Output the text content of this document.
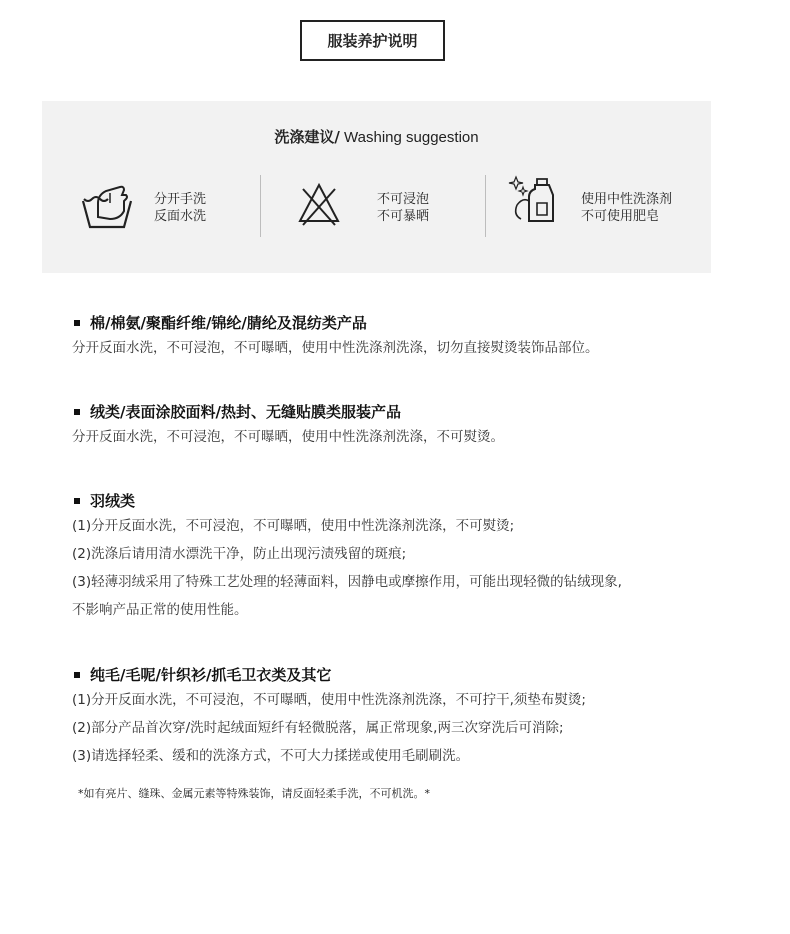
服装养护说明
洗涤建议/ Washing suggestion
分开手洗
反面水洗
不可浸泡
不可暴晒
使用中性洗涤剂
不可使用肥皂
棉/棉氨/聚酯纤维/锦纶/腈纶及混纺类产品
分开反面水洗，不可浸泡，不可曝晒，使用中性洗涤剂洗涤，切勿直接熨烫装饰品部位。
绒类/表面涂胶面料/热封、无缝贴膜类服装产品
分开反面水洗，不可浸泡，不可曝晒，使用中性洗涤剂洗涤，不可熨烫。
羽绒类
(1)分开反面水洗，不可浸泡，不可曝晒，使用中性洗涤剂洗涤，不可熨烫;
(2)洗涤后请用清水漂洗干净，防止出现污渍残留的斑痕;
(3)轻薄羽绒采用了特殊工艺处理的轻薄面料，因静电或摩擦作用，可能出现轻微的钻绒现象,
不影响产品正常的使用性能。
纯毛/毛呢/针织衫/抓毛卫衣类及其它
(1)分开反面水洗，不可浸泡，不可曝晒，使用中性洗涤剂洗涤，不可拧干,须垫布熨烫;
(2)部分产品首次穿/洗时起绒面短纤有轻微脱落，属正常现象,两三次穿洗后可消除;
(3)请选择轻柔、缓和的洗涤方式，不可大力揉搓或使用毛刷刷洗。
*如有亮片、缝珠、金属元素等特殊装饰，请反面轻柔手洗，不可机洗。*
